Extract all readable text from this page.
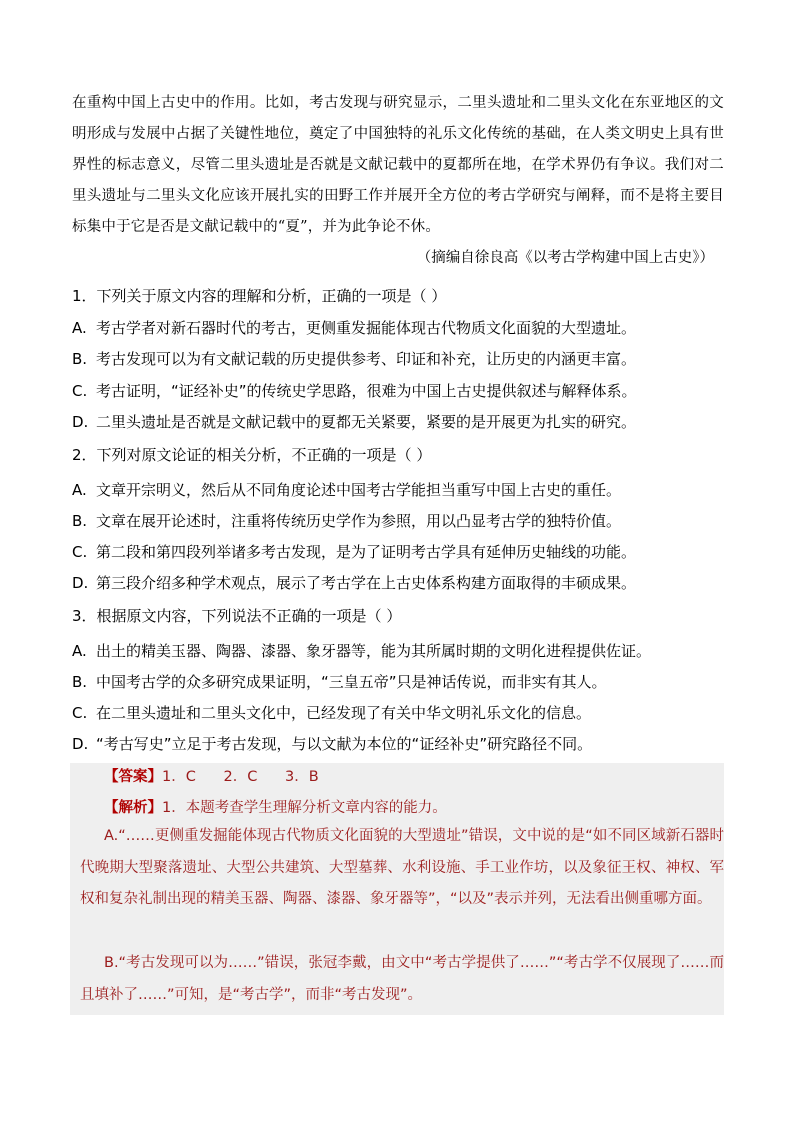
在重构中国上古史中的作用。比如，考古发现与研究显示，二里头遗址和二里头文化在东亚地区的文明形成与发展中占据了关键性地位，奠定了中国独特的礼乐文化传统的基础，在人类文明史上具有世界性的标志意义，尽管二里头遗址是否就是文献记载中的夏都所在地，在学术界仍有争议。我们对二里头遗址与二里头文化应该开展扎实的田野工作并展开全方位的考古学研究与阐释，而不是将主要目标集中于它是否是文献记载中的“夏”，并为此争论不休。
（摘编自徐良高《以考古学构建中国上古史》）
1．下列关于原文内容的理解和分析，正确的一项是（ ）
A. 考古学者对新石器时代的考古，更侧重发掘能体现古代物质文化面貌的大型遗址。
B. 考古发现可以为有文献记载的历史提供参考、印证和补充，让历史的内涵更丰富。
C. 考古证明，“证经补史”的传统史学思路，很难为中国上古史提供叙述与解释体系。
D. 二里头遗址是否就是文献记载中的夏都无关紧要，紧要的是开展更为扎实的研究。
2．下列对原文论证的相关分析，不正确的一项是（ ）
A. 文章开宗明义，然后从不同角度论述中国考古学能担当重写中国上古史的重任。
B. 文章在展开论述时，注重将传统历史学作为参照，用以凸显考古学的独特价值。
C. 第二段和第四段列举诸多考古发现，是为了证明考古学具有延伸历史轴线的功能。
D. 第三段介绍多种学术观点，展示了考古学在上古史体系构建方面取得的丰硕成果。
3．根据原文内容，下列说法不正确的一项是（ ）
A. 出土的精美玉器、陶器、漆器、象牙器等，能为其所属时期的文明化进程提供佐证。
B. 中国考古学的众多研究成果证明，“三皇五帝”只是神话传说，而非实有其人。
C. 在二里头遗址和二里头文化中，已经发现了有关中华文明礼乐文化的信息。
D. “考古写史”立足于考古发现，与以文献为本位的“证经补史”研究路径不同。
【答案】1．C      2．C      3．B
【解析】1．本题考查学生理解分析文章内容的能力。
A.“……更侧重发掘能体现古代物质文化面貌的大型遗址”错误，文中说的是“如不同区域新石器时代晚期大型聚落遗址、大型公共建筑、大型墓葬、水利设施、手工业作坊，以及象征王权、神权、军权和复杂礼制出现的精美玉器、陶器、漆器、象牙器等”，“以及”表示并列，无法看出侧重哪方面。
B.“考古发现可以为……”错误，张冠李戴，由文中“考古学提供了……”“考古学不仅展现了……而且填补了……”可知，是“考古学”，而非“考古发现”。
